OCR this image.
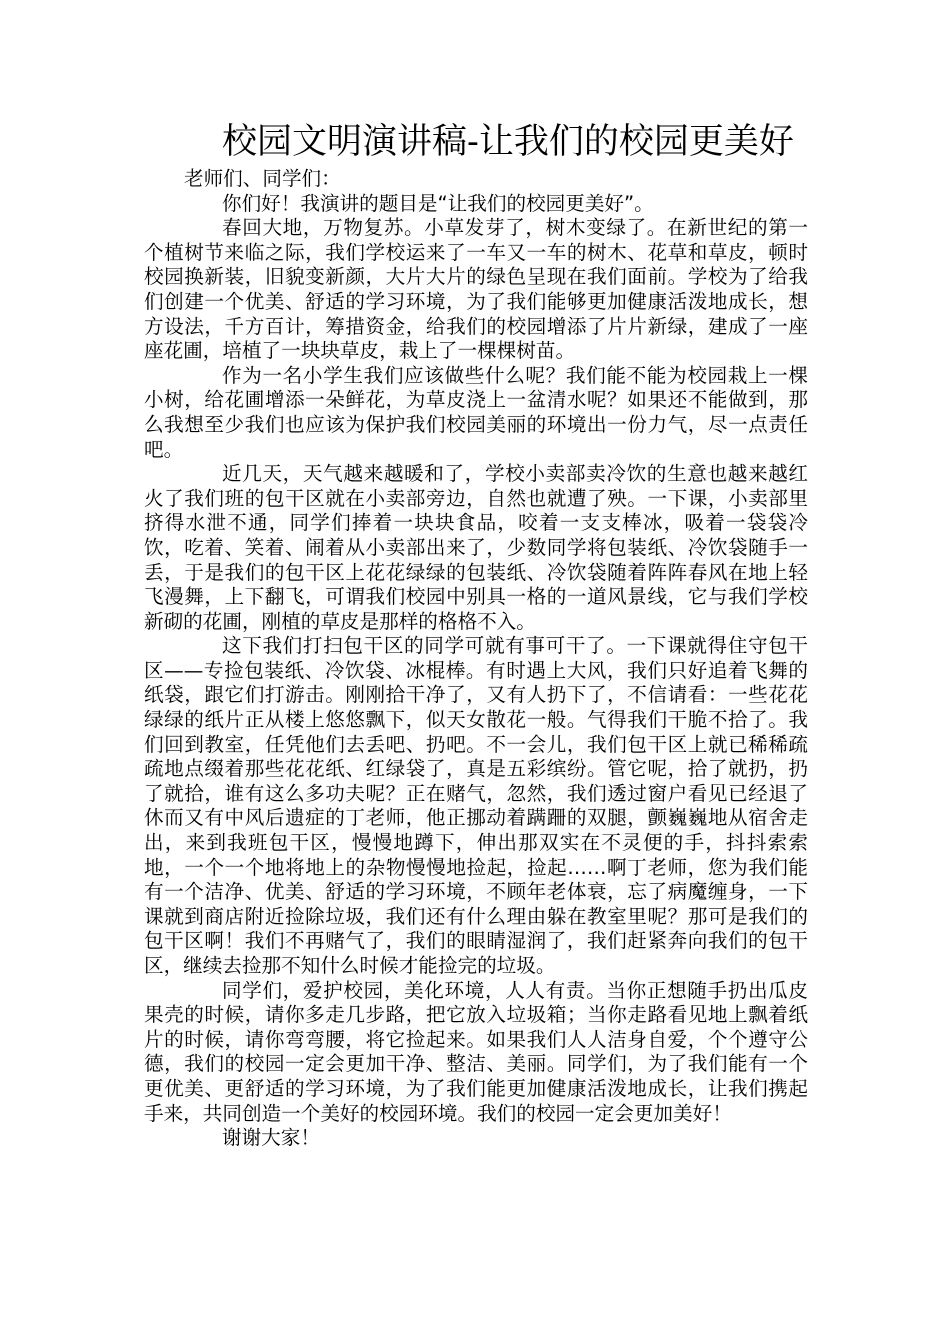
校园文明演讲稿-让我们的校园更美好
老师们、同学们：

你们好！我演讲的题目是“让我们的校园更美好”。

春回大地，万物复苏。小草发芽了，树木变绿了。在新世纪的第一个植树节来临之际，我们学校运来了一车又一车的树木、花草和草皮，顿时校园换新装，旧貌变新颜，大片大片的绿色呈现在我们面前。学校为了给我们创建一个优美、舒适的学习环境，为了我们能够更加健康活泼地成长，想方设法，千方百计，筹措资金，给我们的校园增添了片片新绿，建成了一座座花圃，培植了一块块草皮，栽上了一棵棵树苗。

作为一名小学生我们应该做些什么呢？我们能不能为校园栽上一棵小树，给花圃增添一朵鲜花，为草皮浇上一盆清水呢？如果还不能做到，那么我想至少我们也应该为保护我们校园美丽的环境出一份力气，尽一点责任吧。

近几天，天气越来越暖和了，学校小卖部卖冷饮的生意也越来越红火了我们班的包干区就在小卖部旁边，自然也就遭了殃。一下课，小卖部里挤得水泄不通，同学们捧着一块块食品，咬着一支支棒冰，吸着一袋袋冷饮，吃着、笑着、闹着从小卖部出来了，少数同学将包装纸、冷饮袋随手一丢，于是我们的包干区上花花绿绿的包装纸、冷饮袋随着阵阵春风在地上轻飞漫舞，上下翻飞，可谓我们校园中别具一格的一道风景线，它与我们学校新砌的花圃，刚植的草皮是那样的格格不入。

这下我们打扫包干区的同学可就有事可干了。一下课就得住守包干区——专捡包装纸、冷饮袋、冰棍棒。有时遇上大风，我们只好追着飞舞的纸袋，跟它们打游击。刚刚拾干净了，又有人扔下了，不信请看：一些花花绿绿的纸片正从楼上悠悠飘下，似天女散花一般。气得我们干脆不拾了。我们回到教室，任凭他们去丢吧、扔吧。不一会儿，我们包干区上就已稀稀疏疏地点缀着那些花花纸、红绿袋了，真是五彩缤纷。管它呢，拾了就扔，扔了就拾，谁有这么多功夫呢？正在赌气，忽然，我们透过窗户看见已经退了休而又有中风后遗症的丁老师，他正挪动着蹒跚的双腿，颤巍巍地从宿舍走出，来到我班包干区，慢慢地蹲下，伸出那双实在不灵便的手，抖抖索索地，一个一个地将地上的杂物慢慢地捡起，捡起……啊丁老师，您为我们能有一个洁净、优美、舒适的学习环境，不顾年老体衰，忘了病魔缠身，一下课就到商店附近捡除垃圾，我们还有什么理由躲在教室里呢？那可是我们的包干区啊！我们不再赌气了，我们的眼睛湿润了，我们赶紧奔向我们的包干区，继续去捡那不知什么时候才能捡完的垃圾。

同学们，爱护校园，美化环境，人人有责。当你正想随手扔出瓜皮果壳的时候，请你多走几步路，把它放入垃圾箱；当你走路看见地上飘着纸片的时候，请你弯弯腰，将它捡起来。如果我们人人洁身自爱，个个遵守公德，我们的校园一定会更加干净、整洁、美丽。同学们，为了我们能有一个更优美、更舒适的学习环境，为了我们能更加健康活泼地成长，让我们携起手来，共同创造一个美好的校园环境。我们的校园一定会更加美好！

谢谢大家！
